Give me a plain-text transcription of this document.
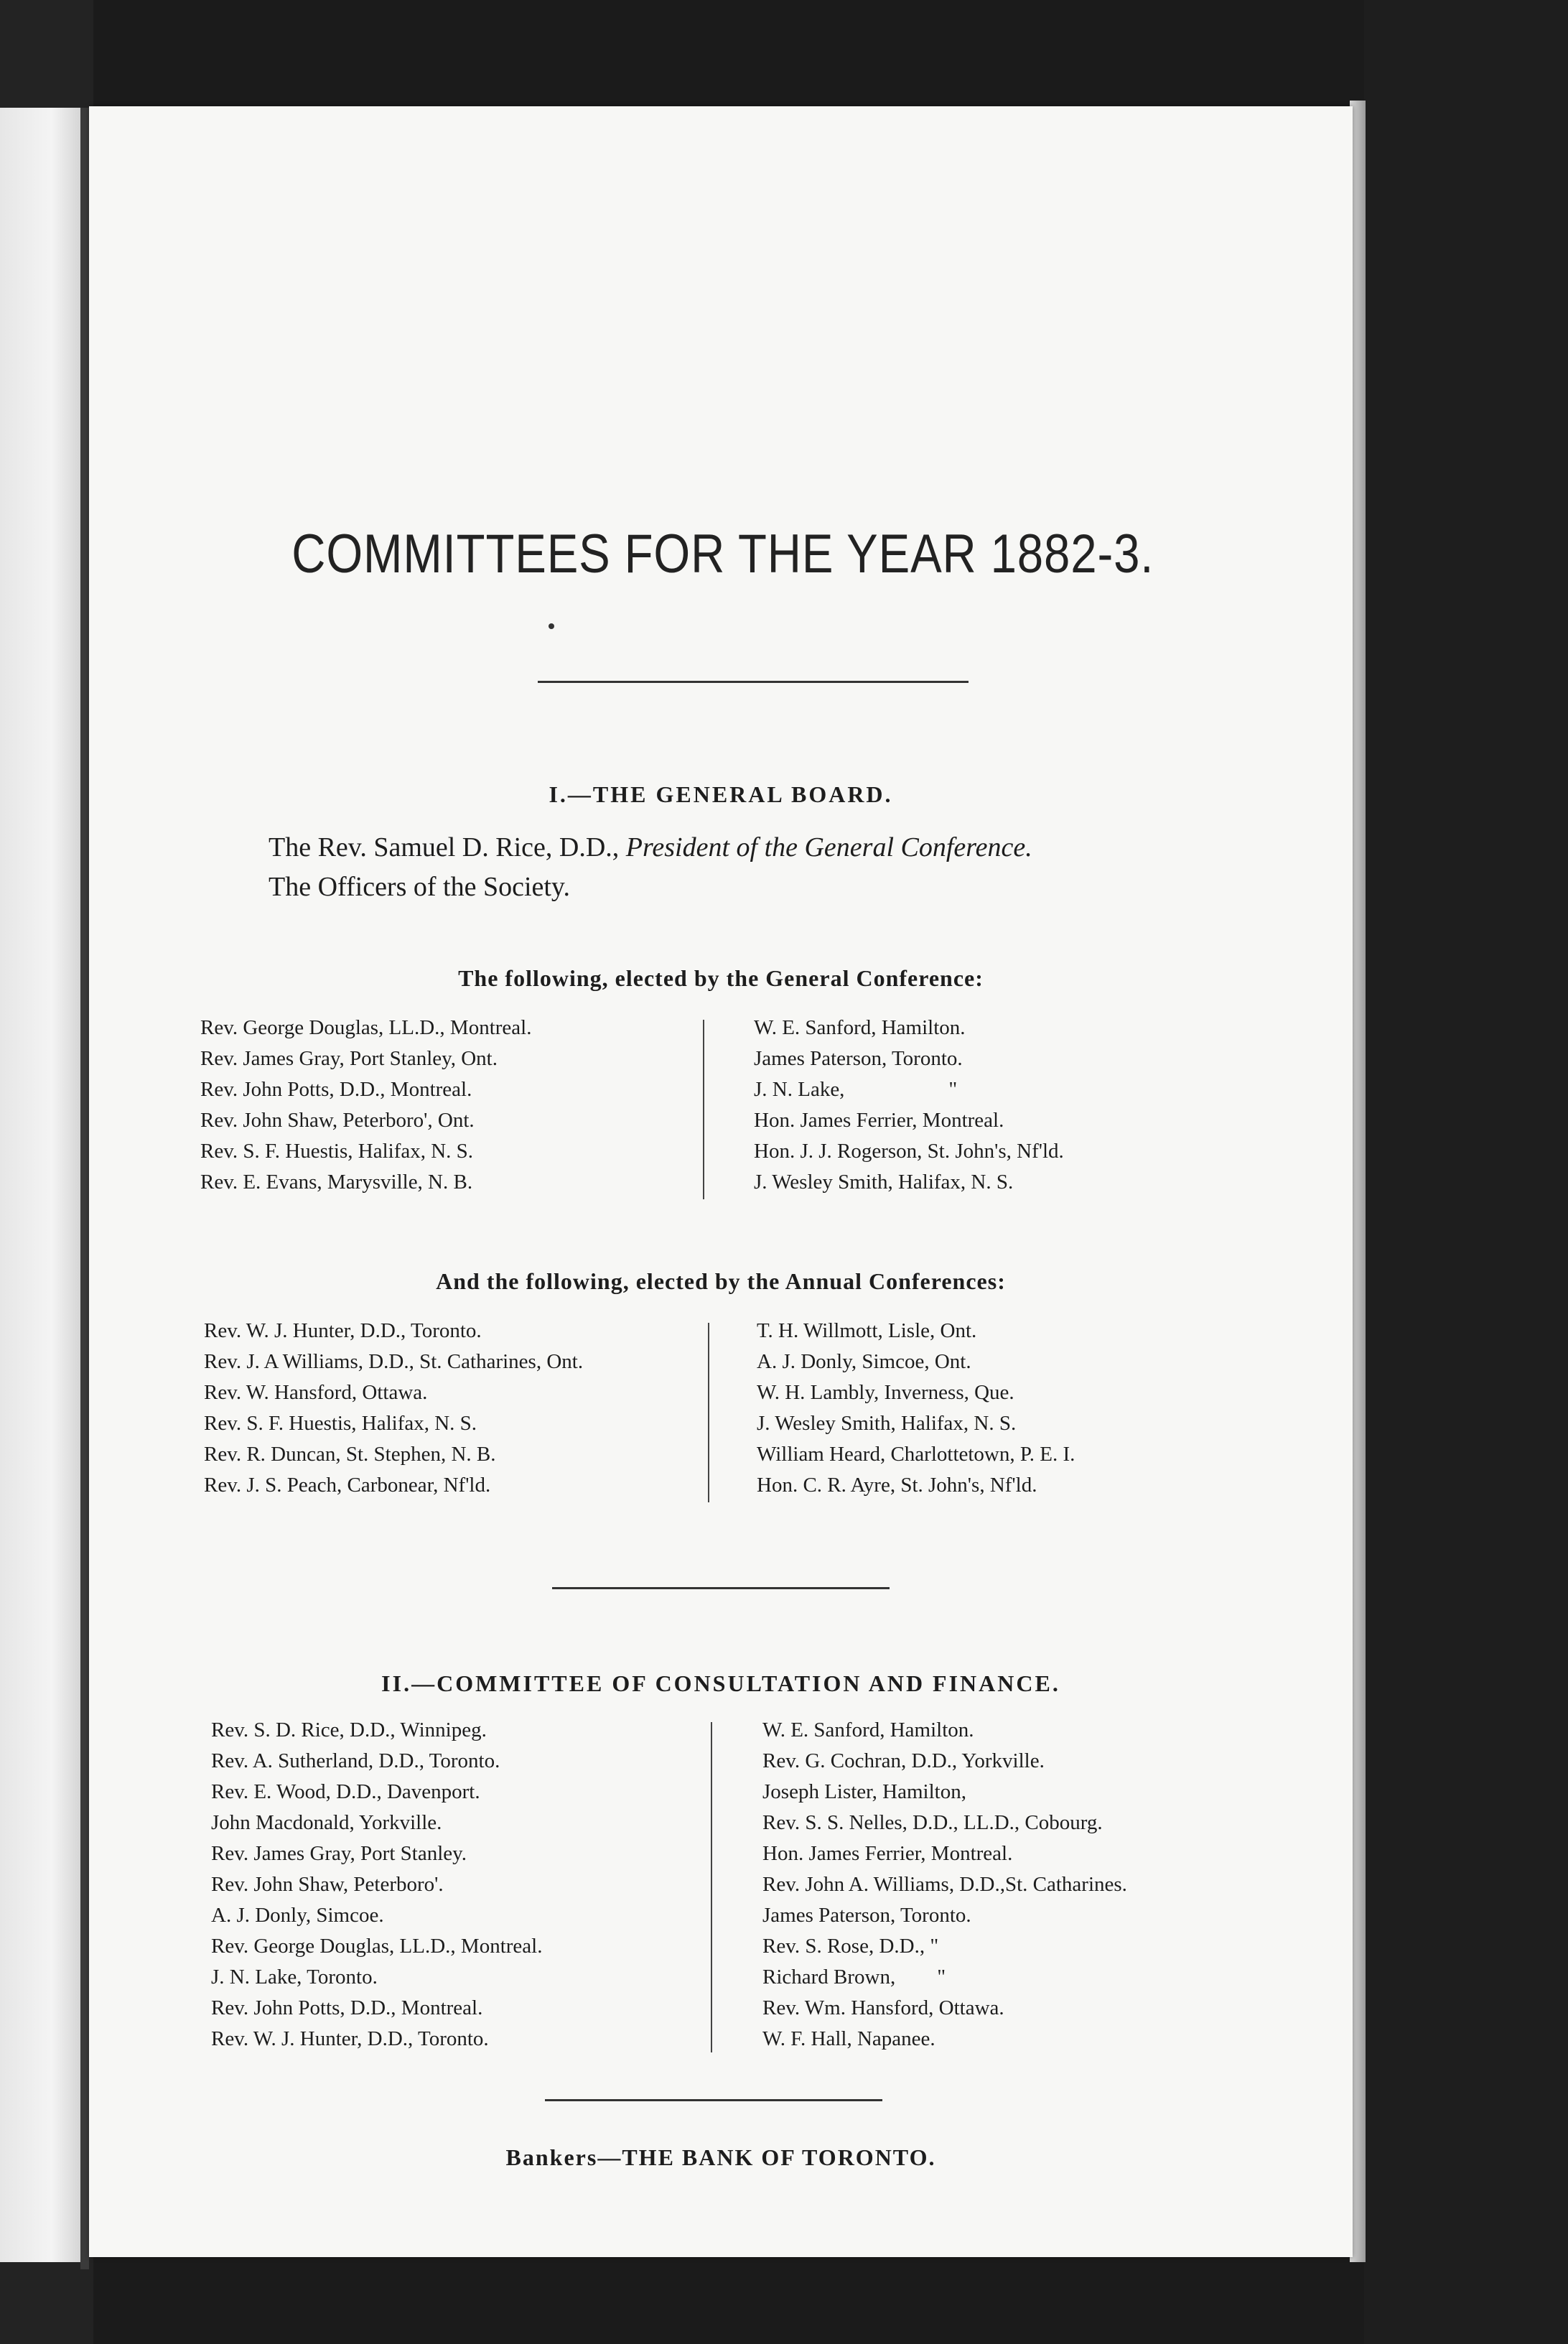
COMMITTEES FOR THE YEAR 1882-3.
I.—THE GENERAL BOARD.
The Rev. Samuel D. Rice, D.D., President of the General Conference.
The Officers of the Society.
The following, elected by the General Conference:
Rev. George Douglas, LL.D., Montreal.
Rev. James Gray, Port Stanley, Ont.
Rev. John Potts, D.D., Montreal.
Rev. John Shaw, Peterboro', Ont.
Rev. S. F. Huestis, Halifax, N. S.
Rev. E. Evans, Marysville, N. B.
W. E. Sanford, Hamilton.
James Paterson, Toronto.
J. N. Lake,                    "
Hon. James Ferrier, Montreal.
Hon. J. J. Rogerson, St. John's, Nf'ld.
J. Wesley Smith, Halifax, N. S.
And the following, elected by the Annual Conferences:
Rev. W. J. Hunter, D.D., Toronto.
Rev. J. A Williams, D.D., St. Catharines, Ont.
Rev. W. Hansford, Ottawa.
Rev. S. F. Huestis, Halifax, N. S.
Rev. R. Duncan, St. Stephen, N. B.
Rev. J. S. Peach, Carbonear, Nf'ld.
T. H. Willmott, Lisle, Ont.
A. J. Donly, Simcoe, Ont.
W. H. Lambly, Inverness, Que.
J. Wesley Smith, Halifax, N. S.
William Heard, Charlottetown, P. E. I.
Hon. C. R. Ayre, St. John's, Nf'ld.
II.—COMMITTEE OF CONSULTATION AND FINANCE.
Rev. S. D. Rice, D.D., Winnipeg.
Rev. A. Sutherland, D.D., Toronto.
Rev. E. Wood, D.D., Davenport.
John Macdonald, Yorkville.
Rev. James Gray, Port Stanley.
Rev. John Shaw, Peterboro'.
A. J. Donly, Simcoe.
Rev. George Douglas, LL.D., Montreal.
J. N. Lake, Toronto.
Rev. John Potts, D.D., Montreal.
Rev. W. J. Hunter, D.D., Toronto.
W. E. Sanford, Hamilton.
Rev. G. Cochran, D.D., Yorkville.
Joseph Lister, Hamilton,
Rev. S. S. Nelles, D.D., LL.D., Cobourg.
Hon. James Ferrier, Montreal.
Rev. John A. Williams, D.D.,St. Catharines.
James Paterson, Toronto.
Rev. S. Rose, D.D., "
Richard Brown,        "
Rev. Wm. Hansford, Ottawa.
W. F. Hall, Napanee.
Bankers—THE BANK OF TORONTO.
